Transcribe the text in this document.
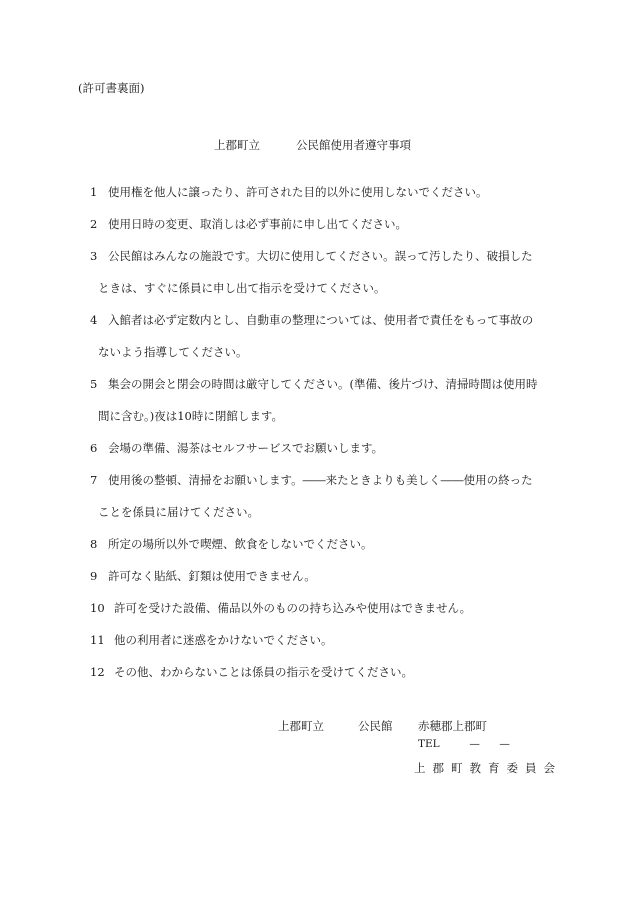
(許可書裏面)
上郡町立	公民館使用者遵守事項
1 使用権を他人に譲ったり、許可された目的以外に使用しないでください。
2 使用日時の変更、取消しは必ず事前に申し出てください。
3 公民館はみんなの施設です。大切に使用してください。誤って汚したり、破損した
ときは、すぐに係員に申し出て指示を受けてください。
4 入館者は必ず定数内とし、自動車の整理については、使用者で責任をもって事故の
ないよう指導してください。
5 集会の開会と閉会の時間は厳守してください。(準備、後片づけ、清掃時間は使用時
間に含む。)夜は10時に閉館します。
6 会場の準備、湯茶はセルフサービスでお願いします。
7 使用後の整頓、清掃をお願いします。――来たときよりも美しく――使用の終った
ことを係員に届けてください。
8 所定の場所以外で喫煙、飲食をしないでください。
9 許可なく貼紙、釘類は使用できません。
10 許可を受けた設備、備品以外のものの持ち込みや使用はできません。
11 他の利用者に迷惑をかけないでください。
12 その他、わからないことは係員の指示を受けてください。
上郡町立	公民館 赤穂郡上郡町
TEL	— —
上郡町教育委員会
